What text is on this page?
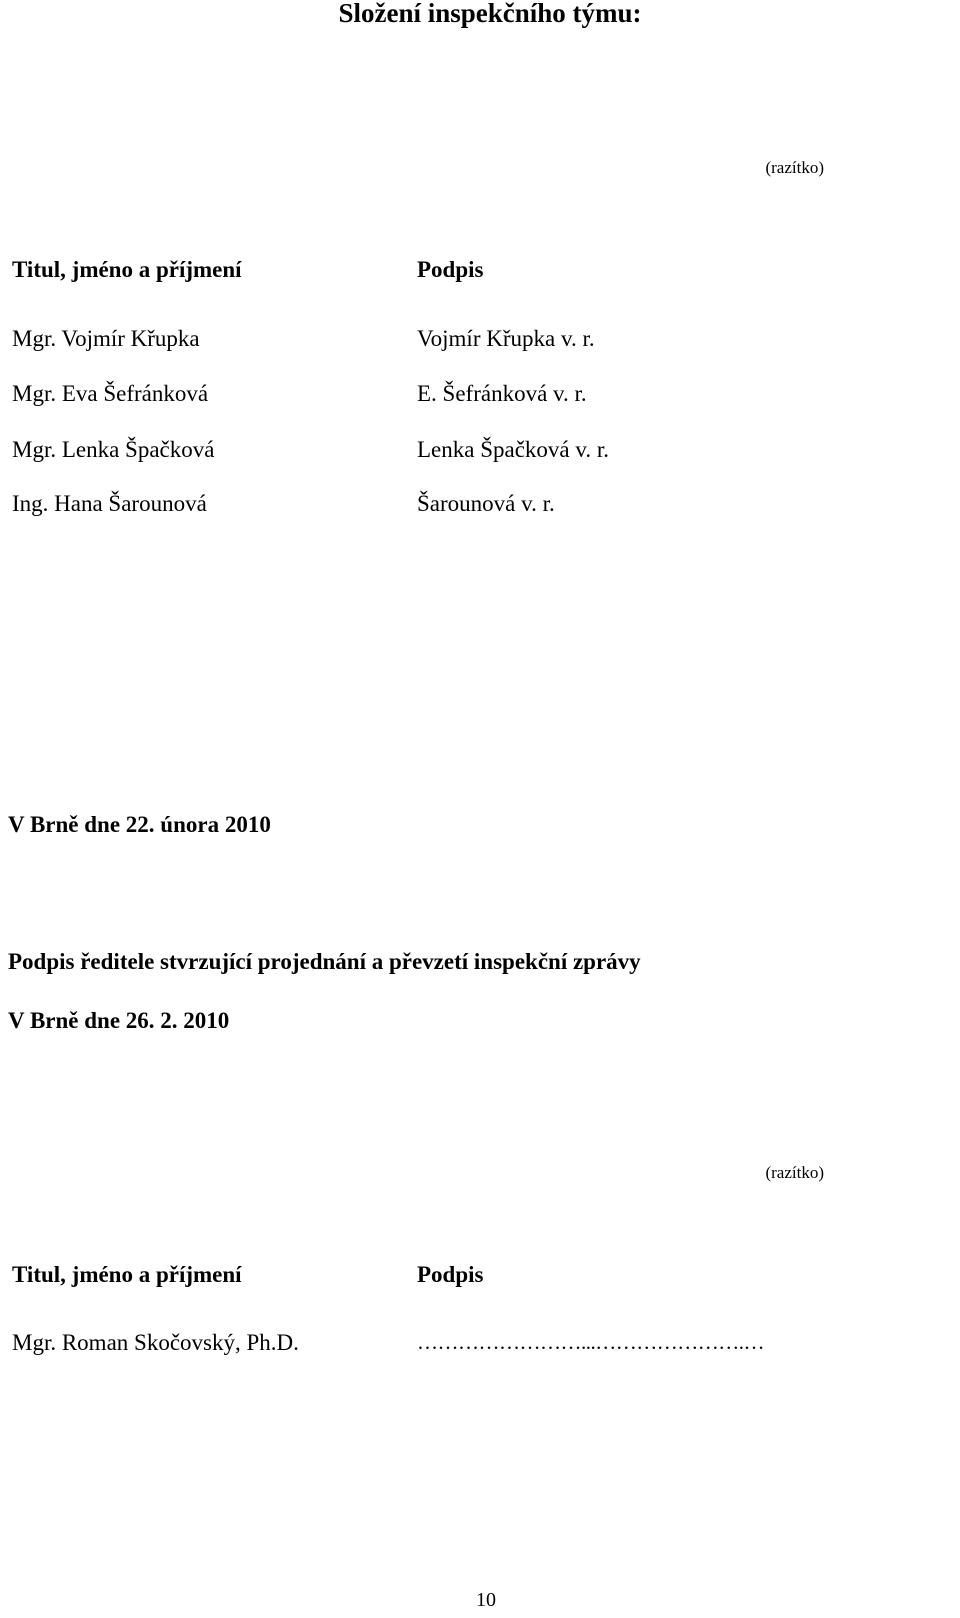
Složení inspekčního týmu:
(razítko)
Titul, jméno a příjmení	Podpis
Mgr. Vojmír Křupka	Vojmír Křupka v. r.
Mgr. Eva Šefránková	E. Šefránková v. r.
Mgr. Lenka Špačková	Lenka Špačková v. r.
Ing. Hana Šarounová	Šarounová v. r.
V Brně dne 22. února 2010
Podpis ředitele stvrzující projednání a převzetí inspekční zprávy
V Brně dne 26. 2. 2010
(razítko)
Titul, jméno a příjmení	Podpis
Mgr. Roman Skočovský, Ph.D.	……………………...………………….…
10
